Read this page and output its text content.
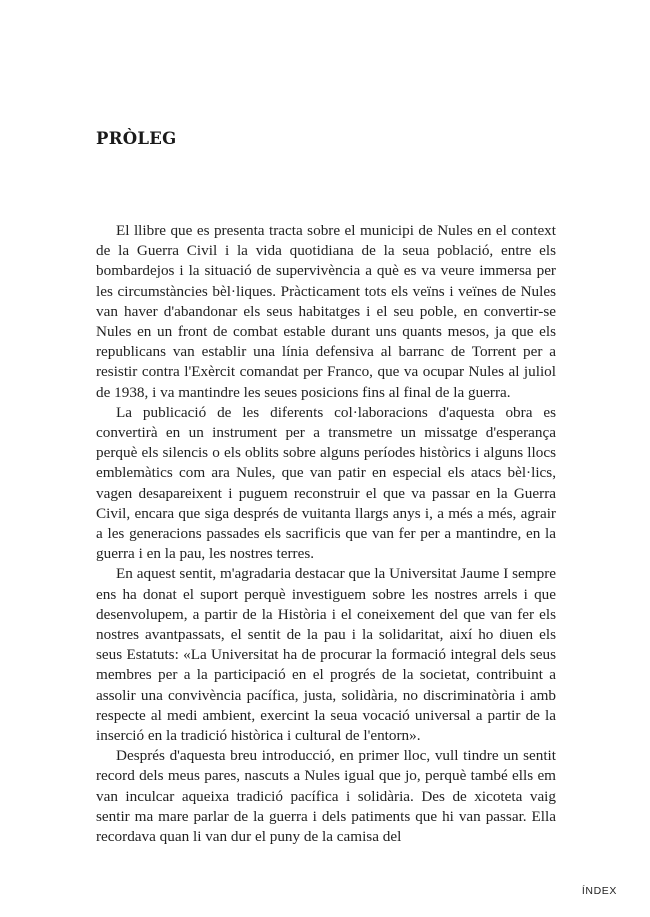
PRÒLEG

El llibre que es presenta tracta sobre el municipi de Nules en el context de la Guerra Civil i la vida quotidiana de la seua població, entre els bombardejos i la situació de supervivència a què es va veure immersa per les circumstàncies bèl·liques. Pràcticament tots els veïns i veïnes de Nules van haver d'abandonar els seus habitatges i el seu poble, en convertir-se Nules en un front de combat estable durant uns quants mesos, ja que els republicans van establir una línia defensiva al barranc de Torrent per a resistir contra l'Exèrcit comandat per Franco, que va ocupar Nules al juliol de 1938, i va mantindre les seues posicions fins al final de la guerra.

La publicació de les diferents col·laboracions d'aquesta obra es convertirà en un instrument per a transmetre un missatge d'esperança perquè els silencis o els oblits sobre alguns períodes històrics i alguns llocs emblemàtics com ara Nules, que van patir en especial els atacs bèl·lics, vagen desapareixent i puguem reconstruir el que va passar en la Guerra Civil, encara que siga després de vuitanta llargs anys i, a més a més, agrair a les generacions passades els sacrificis que van fer per a mantindre, en la guerra i en la pau, les nostres terres.

En aquest sentit, m'agradaria destacar que la Universitat Jaume I sempre ens ha donat el suport perquè investiguem sobre les nostres arrels i que desenvolupem, a partir de la Història i el coneixement del que van fer els nostres avantpassats, el sentit de la pau i la solidaritat, així ho diuen els seus Estatuts: «La Universitat ha de procurar la formació integral dels seus membres per a la participació en el progrés de la societat, contribuint a assolir una convivència pacífica, justa, solidària, no discriminatòria i amb respecte al medi ambient, exercint la seua vocació universal a partir de la inserció en la tradició històrica i cultural de l'entorn».

Després d'aquesta breu introducció, en primer lloc, vull tindre un sentit record dels meus pares, nascuts a Nules igual que jo, perquè també ells em van inculcar aqueixa tradició pacífica i solidària. Des de xicoteta vaig sentir ma mare parlar de la guerra i dels patiments que hi van passar. Ella recordava quan li van dur el puny de la camisa del

ÍNDEX
